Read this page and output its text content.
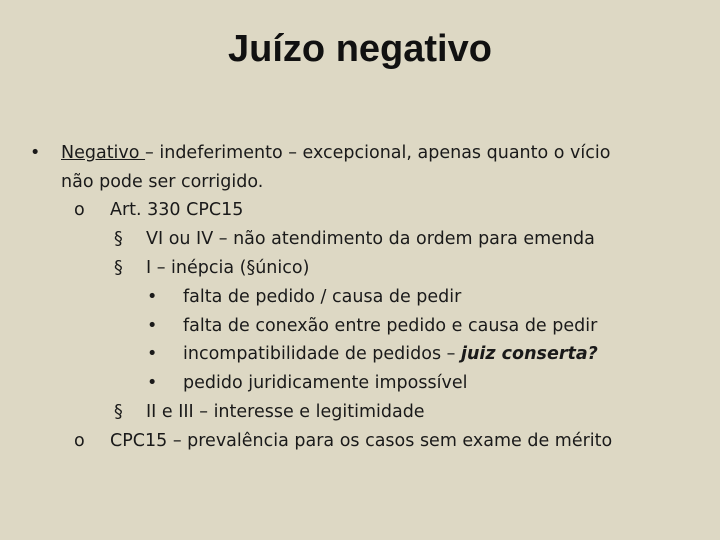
Juízo negativo
• Negativo – indeferimento – excepcional, apenas quanto o vício
não pode ser corrigido.
o Art. 330 CPC15
§ VI ou IV – não atendimento da ordem para emenda
§ I – inépcia (§único)
• falta de pedido / causa de pedir
• falta de conexão entre pedido e causa de pedir
• incompatibilidade de pedidos – juiz conserta?
• pedido juridicamente impossível
§ II e III – interesse e legitimidade
o CPC15 – prevalência para os casos sem exame de mérito
